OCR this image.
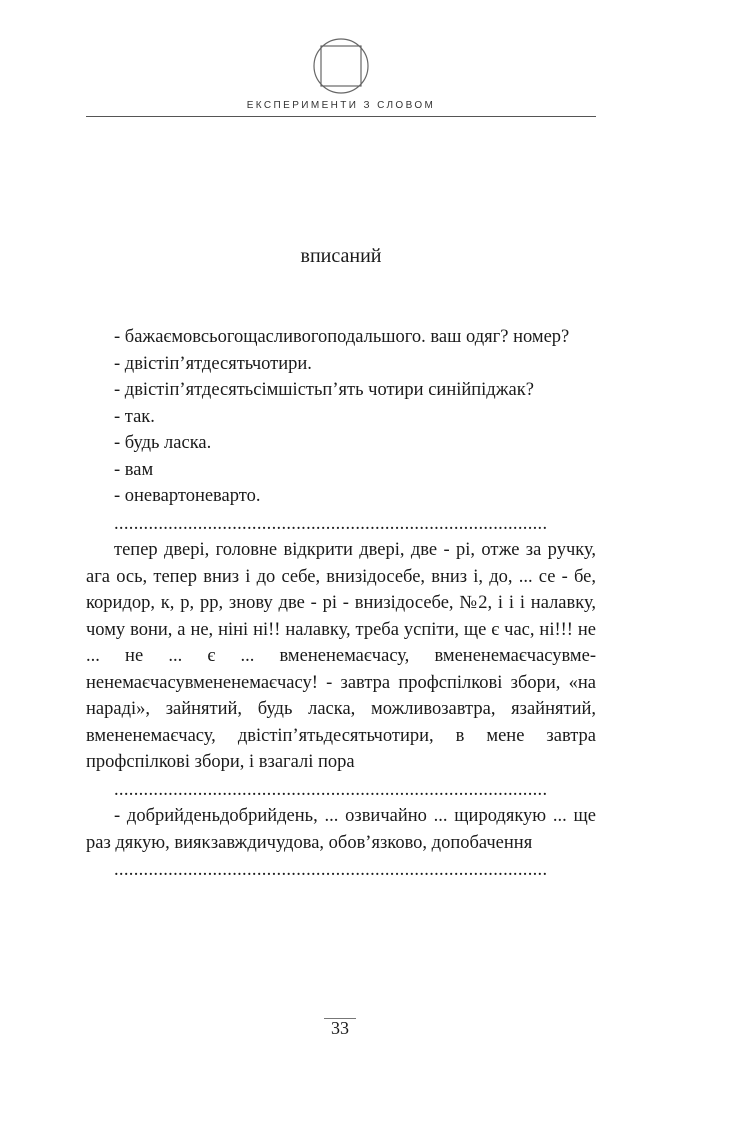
ЕКСПЕРИМЕНТИ З СЛОВОМ
вписаний

- бажаємовсьогощасливогоподальшого. ваш одяг? номер?

- двістіп’ятдесятьчотири.

- двістіп’ятдесятьсімшістьп’ять чотири синійпіджак?

- так.

- будь ласка.

- вам

- оневартоневарто.

........................................................................................

тепер двері, головне відкрити двері, две - рі, отже за ручку, ага ось, тепер вниз і до себе, внизідосебе, вниз і, до, ... се - бе, коридор, к, р, рр, знову две - рі - внизідосебе, №2, і і і налавку, чому вони, а не, ніні ні!! налавку, треба успіти, ще є час, ні!!! не ... не ... є ... вмененемаєчасу, вмененемаєчасувме- ненемаєчасувмененемаєчасу! - завтра профспілкові збори, «на нараді», зайнятий, будь ласка, можливозавтра, язайнятий, вмененемаєчасу, двістіп’ятьдесятьчотири, в мене завтра профспілкові збори, і взагалі пора

........................................................................................

- добрийденьдобрийдень, ... озвичайно ... щиродякую ... ще раз дякую, вияκзавждичудова, обов’язково, допобачення

........................................................................................

33
